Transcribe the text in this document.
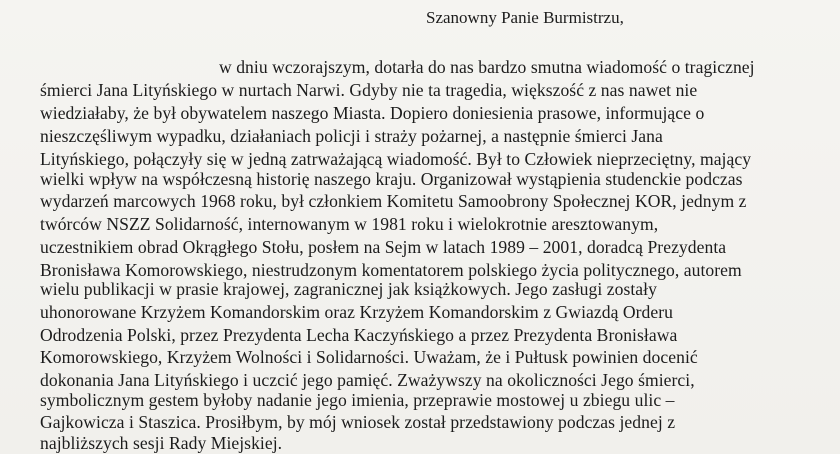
Szanowny Panie Burmistrzu,
w dniu wczorajszym, dotarła do nas bardzo smutna wiadomość o tragicznej
śmierci Jana Lityńskiego w nurtach Narwi. Gdyby nie ta tragedia, większość z nas nawet nie
wiedziałaby, że był obywatelem naszego Miasta. Dopiero doniesienia prasowe, informujące o
nieszczęśliwym wypadku, działaniach policji i straży pożarnej, a następnie śmierci Jana
Lityńskiego, połączyły się w jedną zatrważającą wiadomość. Był to Człowiek nieprzeciętny, mający
wielki wpływ na współczesną historię naszego kraju. Organizował wystąpienia studenckie podczas
wydarzeń marcowych 1968 roku, był członkiem Komitetu Samoobrony Społecznej KOR, jednym z
twórców NSZZ Solidarność, internowanym w 1981 roku i wielokrotnie aresztowanym,
uczestnikiem obrad Okrągłego Stołu, posłem na Sejm w latach 1989 – 2001, doradcą Prezydenta
Bronisława Komorowskiego, niestrudzonym komentatorem polskiego życia politycznego, autorem
wielu publikacji w prasie krajowej, zagranicznej jak książkowych. Jego zasługi zostały
uhonorowane Krzyżem Komandorskim oraz Krzyżem Komandorskim z Gwiazdą Orderu
Odrodzenia Polski, przez Prezydenta Lecha Kaczyńskiego a przez Prezydenta Bronisława
Komorowskiego, Krzyżem Wolności i Solidarności. Uważam, że i Pułtusk powinien docenić
dokonania Jana Lityńskiego i uczcić jego pamięć. Zważywszy na okoliczności Jego śmierci,
symbolicznym gestem byłoby nadanie jego imienia, przeprawie mostowej u zbiegu ulic –
Gajkowicza i Staszica. Prosiłbym, by mój wniosek został przedstawiony podczas jednej z
najbliższych sesji Rady Miejskiej.
